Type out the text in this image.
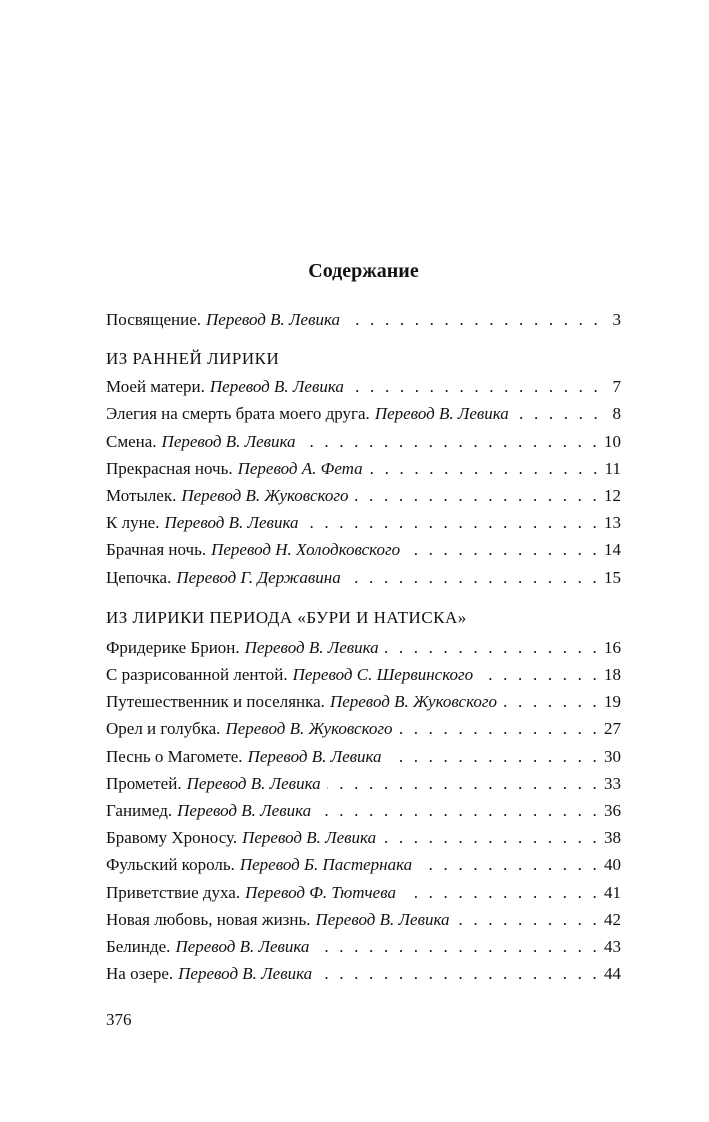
Содержание
Посвящение. Перевод В. Левика . . .	3
ИЗ РАННЕЙ ЛИРИКИ
Моей матери. Перевод В. Левика . . .	7
Элегия на смерть брата моего друга. Перевод В. Левика . . .	8
Смена. Перевод В. Левика . . .	10
Прекрасная ночь. Перевод А. Фета . . .	11
Мотылек. Перевод В. Жуковского . . .	12
К луне. Перевод В. Левика . . .	13
Брачная ночь. Перевод Н. Холодковского . . .	14
Цепочка. Перевод Г. Державина . . .	15
ИЗ ЛИРИКИ ПЕРИОДА «БУРИ И НАТИСКА»
Фридерике Брион. Перевод В. Левика . . .	16
С разрисованной лентой. Перевод С. Шервинского . . .	18
Путешественник и поселянка. Перевод В. Жуковского . . .	19
Орел и голубка. Перевод В. Жуковского . . .	27
Песнь о Магомете. Перевод В. Левика . . .	30
Прометей. Перевод В. Левика . . .	33
Ганимед. Перевод В. Левика . . .	36
Бравому Хроносу. Перевод В. Левика . . .	38
Фульский король. Перевод Б. Пастернака . . .	40
Приветствие духа. Перевод Ф. Тютчева . . .	41
Новая любовь, новая жизнь. Перевод В. Левика . . .	42
Белинде. Перевод В. Левика . . .	43
На озере. Перевод В. Левика . . .	44
376
